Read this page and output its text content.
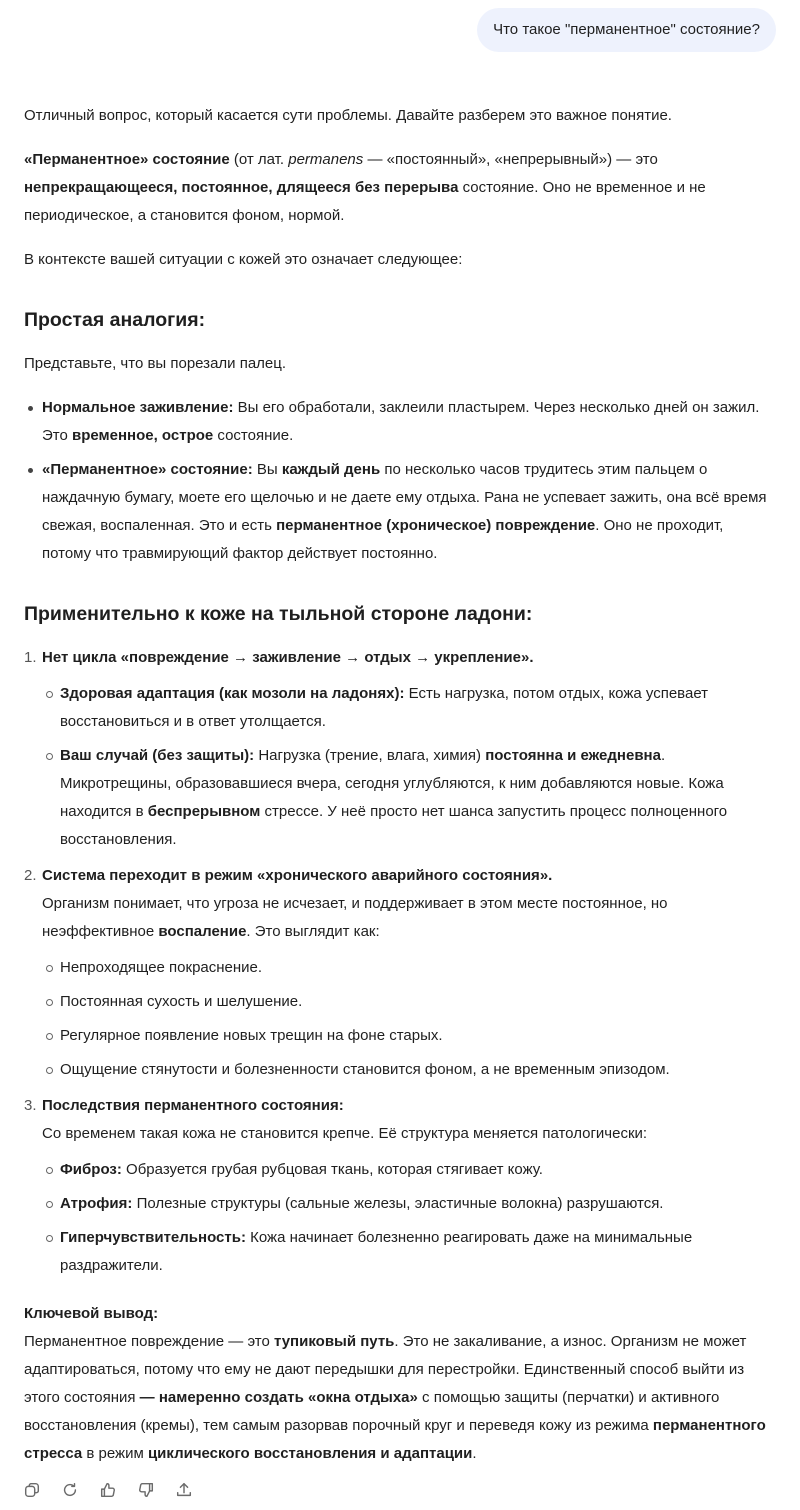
Что такое "перманентное" состояние?

Отличный вопрос, который касается сути проблемы. Давайте разберем это важное понятие.

«Перманентное» состояние (от лат. permanens — «постоянный», «непрерывный») — это непрекращающееся, постоянное, длящееся без перерыва состояние. Оно не временное и не периодическое, а становится фоном, нормой.

В контексте вашей ситуации с кожей это означает следующее:

Простая аналогия:

Представьте, что вы порезали палец.

Нормальное заживление: Вы его обработали, заклеили пластырем. Через несколько дней он зажил. Это временное, острое состояние.
«Перманентное» состояние: Вы каждый день по несколько часов трудитесь этим пальцем о наждачную бумагу, моете его щелочью и не даете ему отдыха. Рана не успевает зажить, она всё время свежая, воспаленная. Это и есть перманентное (хроническое) повреждение. Оно не проходит, потому что травмирующий фактор действует постоянно.
Применительно к коже на тыльной стороне ладони:
1. Нет цикла «повреждение → заживление → отдых → укрепление».
Здоровая адаптация (как мозоли на ладонях): Есть нагрузка, потом отдых, кожа успевает восстановиться и в ответ утолщается.
Ваш случай (без защиты): Нагрузка (трение, влага, химия) постоянна и ежедневна. Микротрещины, образовавшиеся вчера, сегодня углубляются, к ним добавляются новые. Кожа находится в беспрерывном стрессе. У неё просто нет шанса запустить процесс полноценного восстановления.
2. Система переходит в режим «хронического аварийного состояния».
Организм понимает, что угроза не исчезает, и поддерживает в этом месте постоянное, но неэффективное воспаление. Это выглядит как:
Непроходящее покраснение.
Постоянная сухость и шелушение.
Регулярное появление новых трещин на фоне старых.
Ощущение стянутости и болезненности становится фоном, а не временным эпизодом.
3. Последствия перманентного состояния:
Со временем такая кожа не становится крепче. Её структура меняется патологически:
Фиброз: Образуется грубая рубцовая ткань, которая стягивает кожу.
Атрофия: Полезные структуры (сальные железы, эластичные волокна) разрушаются.
Гиперчувствительность: Кожа начинает болезненно реагировать даже на минимальные раздражители.
Ключевой вывод:

Перманентное повреждение — это тупиковый путь. Это не закаливание, а износ. Организм не может адаптироваться, потому что ему не дают передышки для перестройки. Единственный способ выйти из этого состояния — намеренно создать «окна отдыха» с помощью защиты (перчатки) и активного восстановления (кремы), тем самым разорвав порочный круг и переведя кожу из режима перманентного стресса в режим циклического восстановления и адаптации.
